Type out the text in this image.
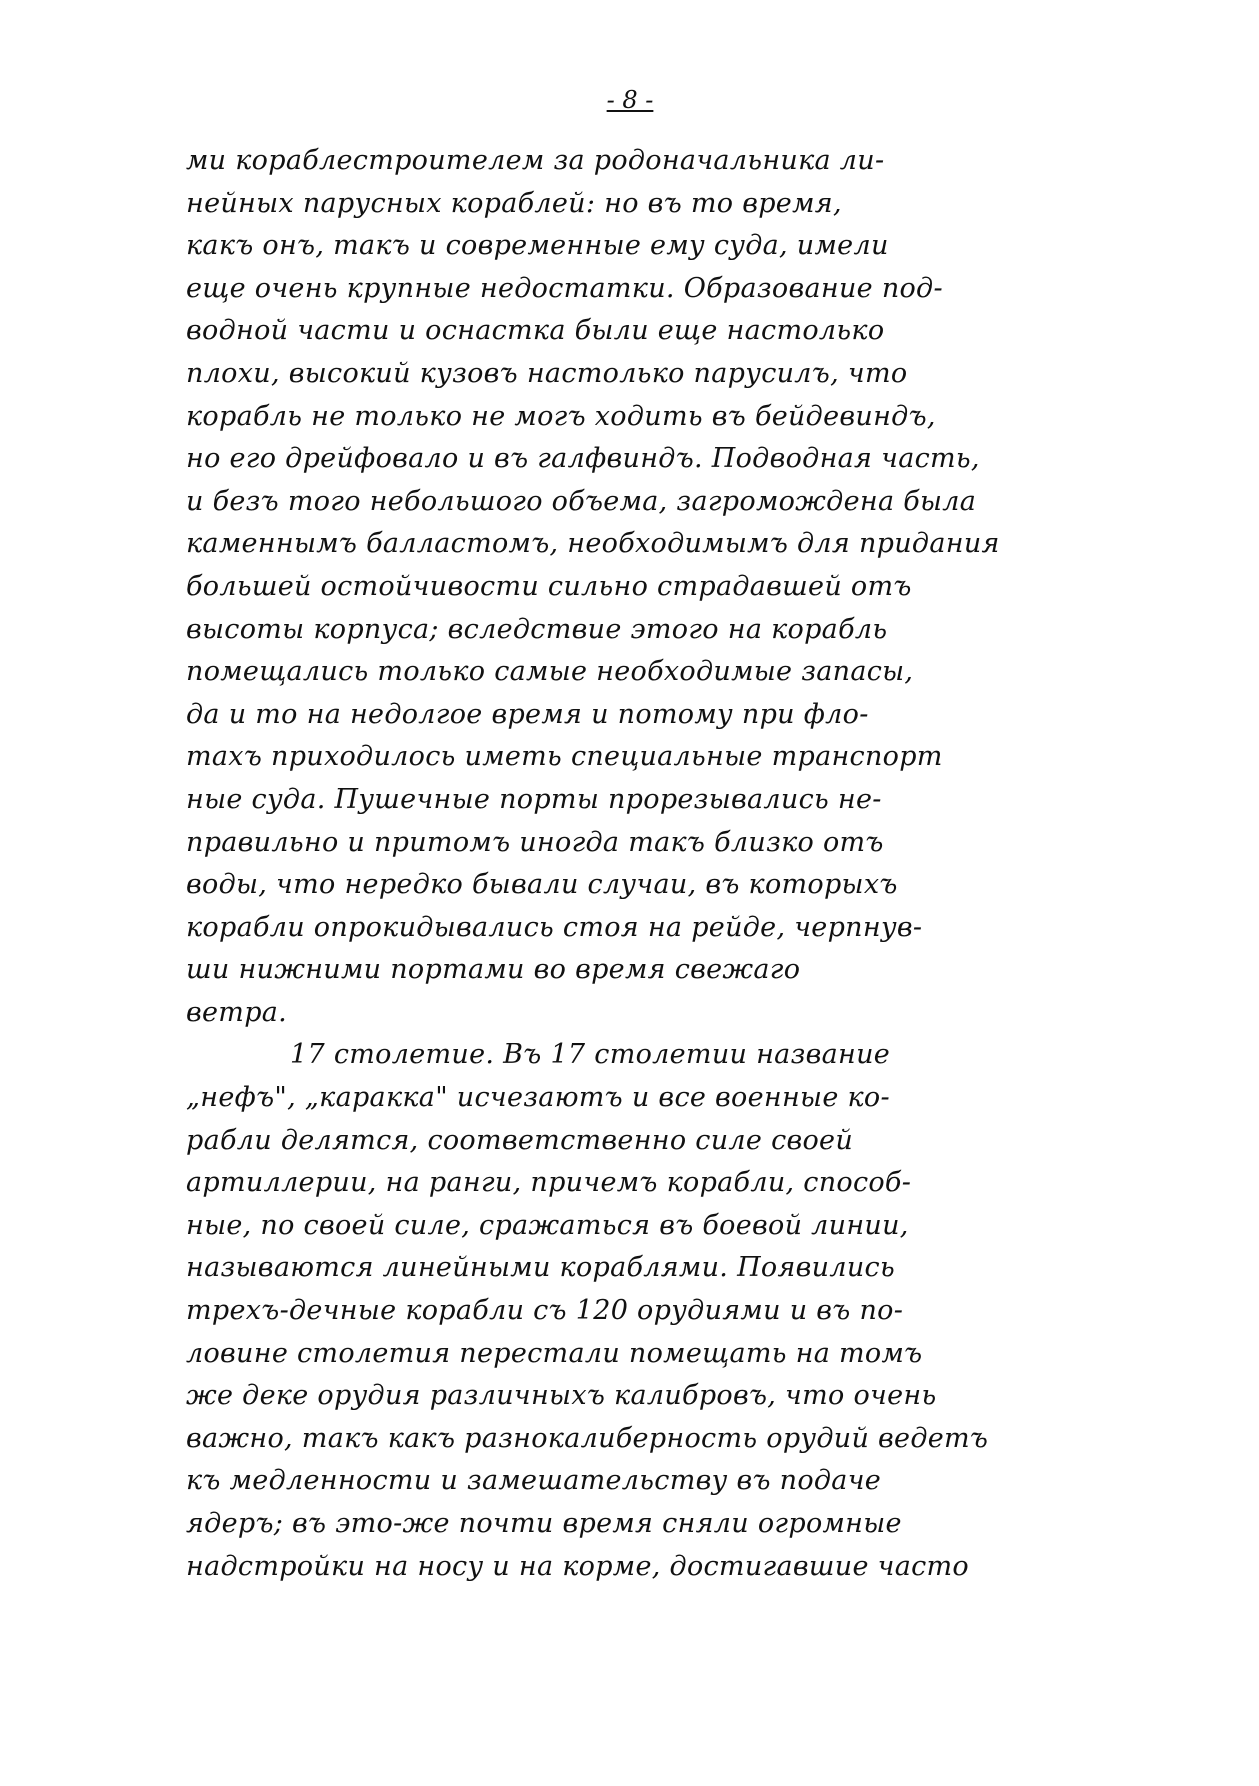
- 8 -
ми кораблестроителем за родоначальника ли-
нейных парусных кораблей: но въ то время,
какъ онъ, такъ и современные ему суда, имели
еще очень крупные недостатки. Образование под-
водной части и оснастка были еще настолько
плохи, высокий кузовъ настолько парусилъ, что
корабль не только не могъ ходить въ бейдевиндъ,
но его дрейфовало и въ галфвиндъ. Подводная часть,
и безъ того небольшого объема, загромождена была
каменнымъ балластомъ, необходимымъ для придания
большей остойчивости сильно страдавшей отъ
высоты корпуса; вследствие этого на корабль
помещались только самые необходимые запасы,
да и то на недолгое время и потому при фло-
тахъ приходилось иметь специальные транспорт
ные суда. Пушечные порты прорезывались не-
правильно и притомъ иногда такъ близко отъ
воды, что нередко бывали случаи, въ которыхъ
корабли опрокидывались стоя на рейде, черпнув-
ши нижними портами во время свежаго
ветра.
17 столетие. Въ 17 столетии название
„нефъ", „каракка" исчезаютъ и все военные ко-
рабли делятся, соответственно силе своей
артиллерии, на ранги, причемъ корабли, способ-
ные, по своей силе, сражаться въ боевой линии,
называются линейными кораблями. Появились
трехъ-дечные корабли съ 120 орудиями и въ по-
ловине столетия перестали помещать на томъ
же деке орудия различныхъ калибровъ, что очень
важно, такъ какъ разнокалиберность орудий ведетъ
къ медленности и замешательству въ подаче
ядеръ; въ это-же почти время сняли огромные
надстройки на носу и на корме, достигавшие часто
